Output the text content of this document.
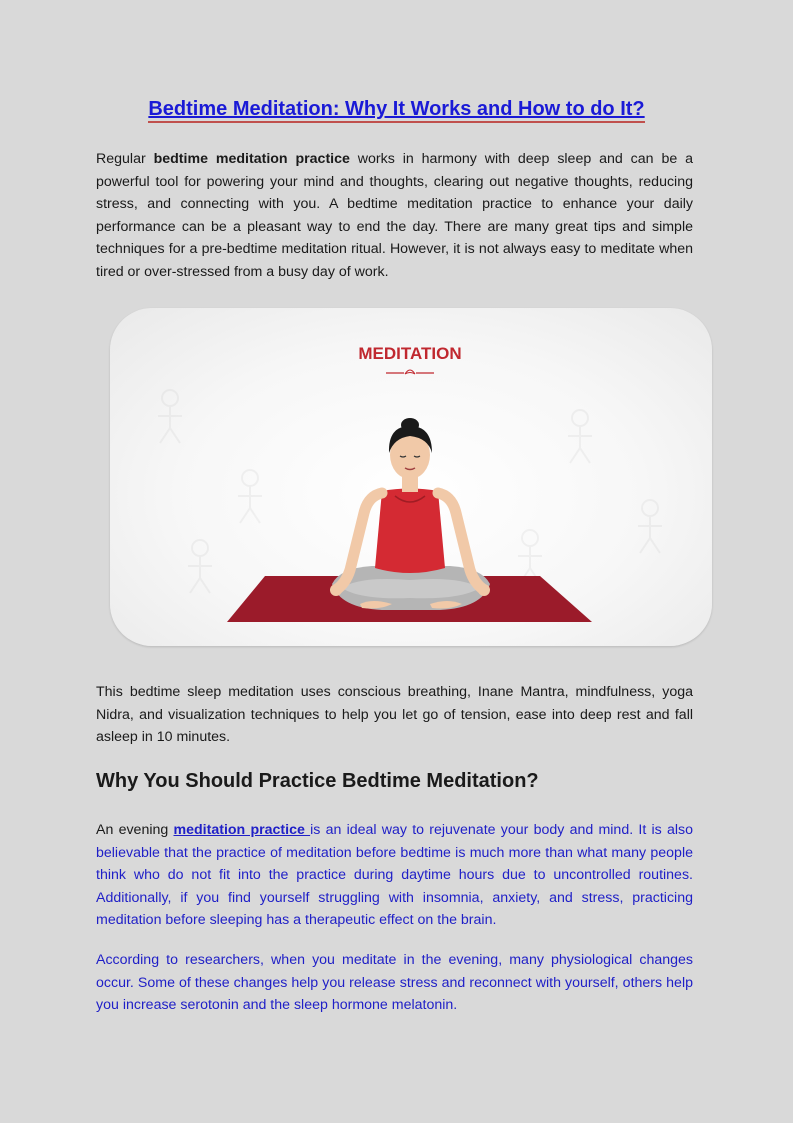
Bedtime Meditation: Why It Works and How to do It?

Regular bedtime meditation practice works in harmony with deep sleep and can be a powerful tool for powering your mind and thoughts, clearing out negative thoughts, reducing stress, and connecting with you. A bedtime meditation practice to enhance your daily performance can be a pleasant way to end the day. There are many great tips and simple techniques for a pre-bedtime meditation ritual. However, it is not always easy to meditate when tired or over-stressed from a busy day of work.

MEDITATION

This bedtime sleep meditation uses conscious breathing, Inane Mantra, mindfulness, yoga Nidra, and visualization techniques to help you let go of tension, ease into deep rest and fall asleep in 10 minutes.

Why You Should Practice Bedtime Meditation?

An evening meditation practice is an ideal way to rejuvenate your body and mind. It is also believable that the practice of meditation before bedtime is much more than what many people think who do not fit into the practice during daytime hours due to uncontrolled routines. Additionally, if you find yourself struggling with insomnia, anxiety, and stress, practicing meditation before sleeping has a therapeutic effect on the brain.

According to researchers, when you meditate in the evening, many physiological changes occur. Some of these changes help you release stress and reconnect with yourself, others help you increase serotonin and the sleep hormone melatonin.
